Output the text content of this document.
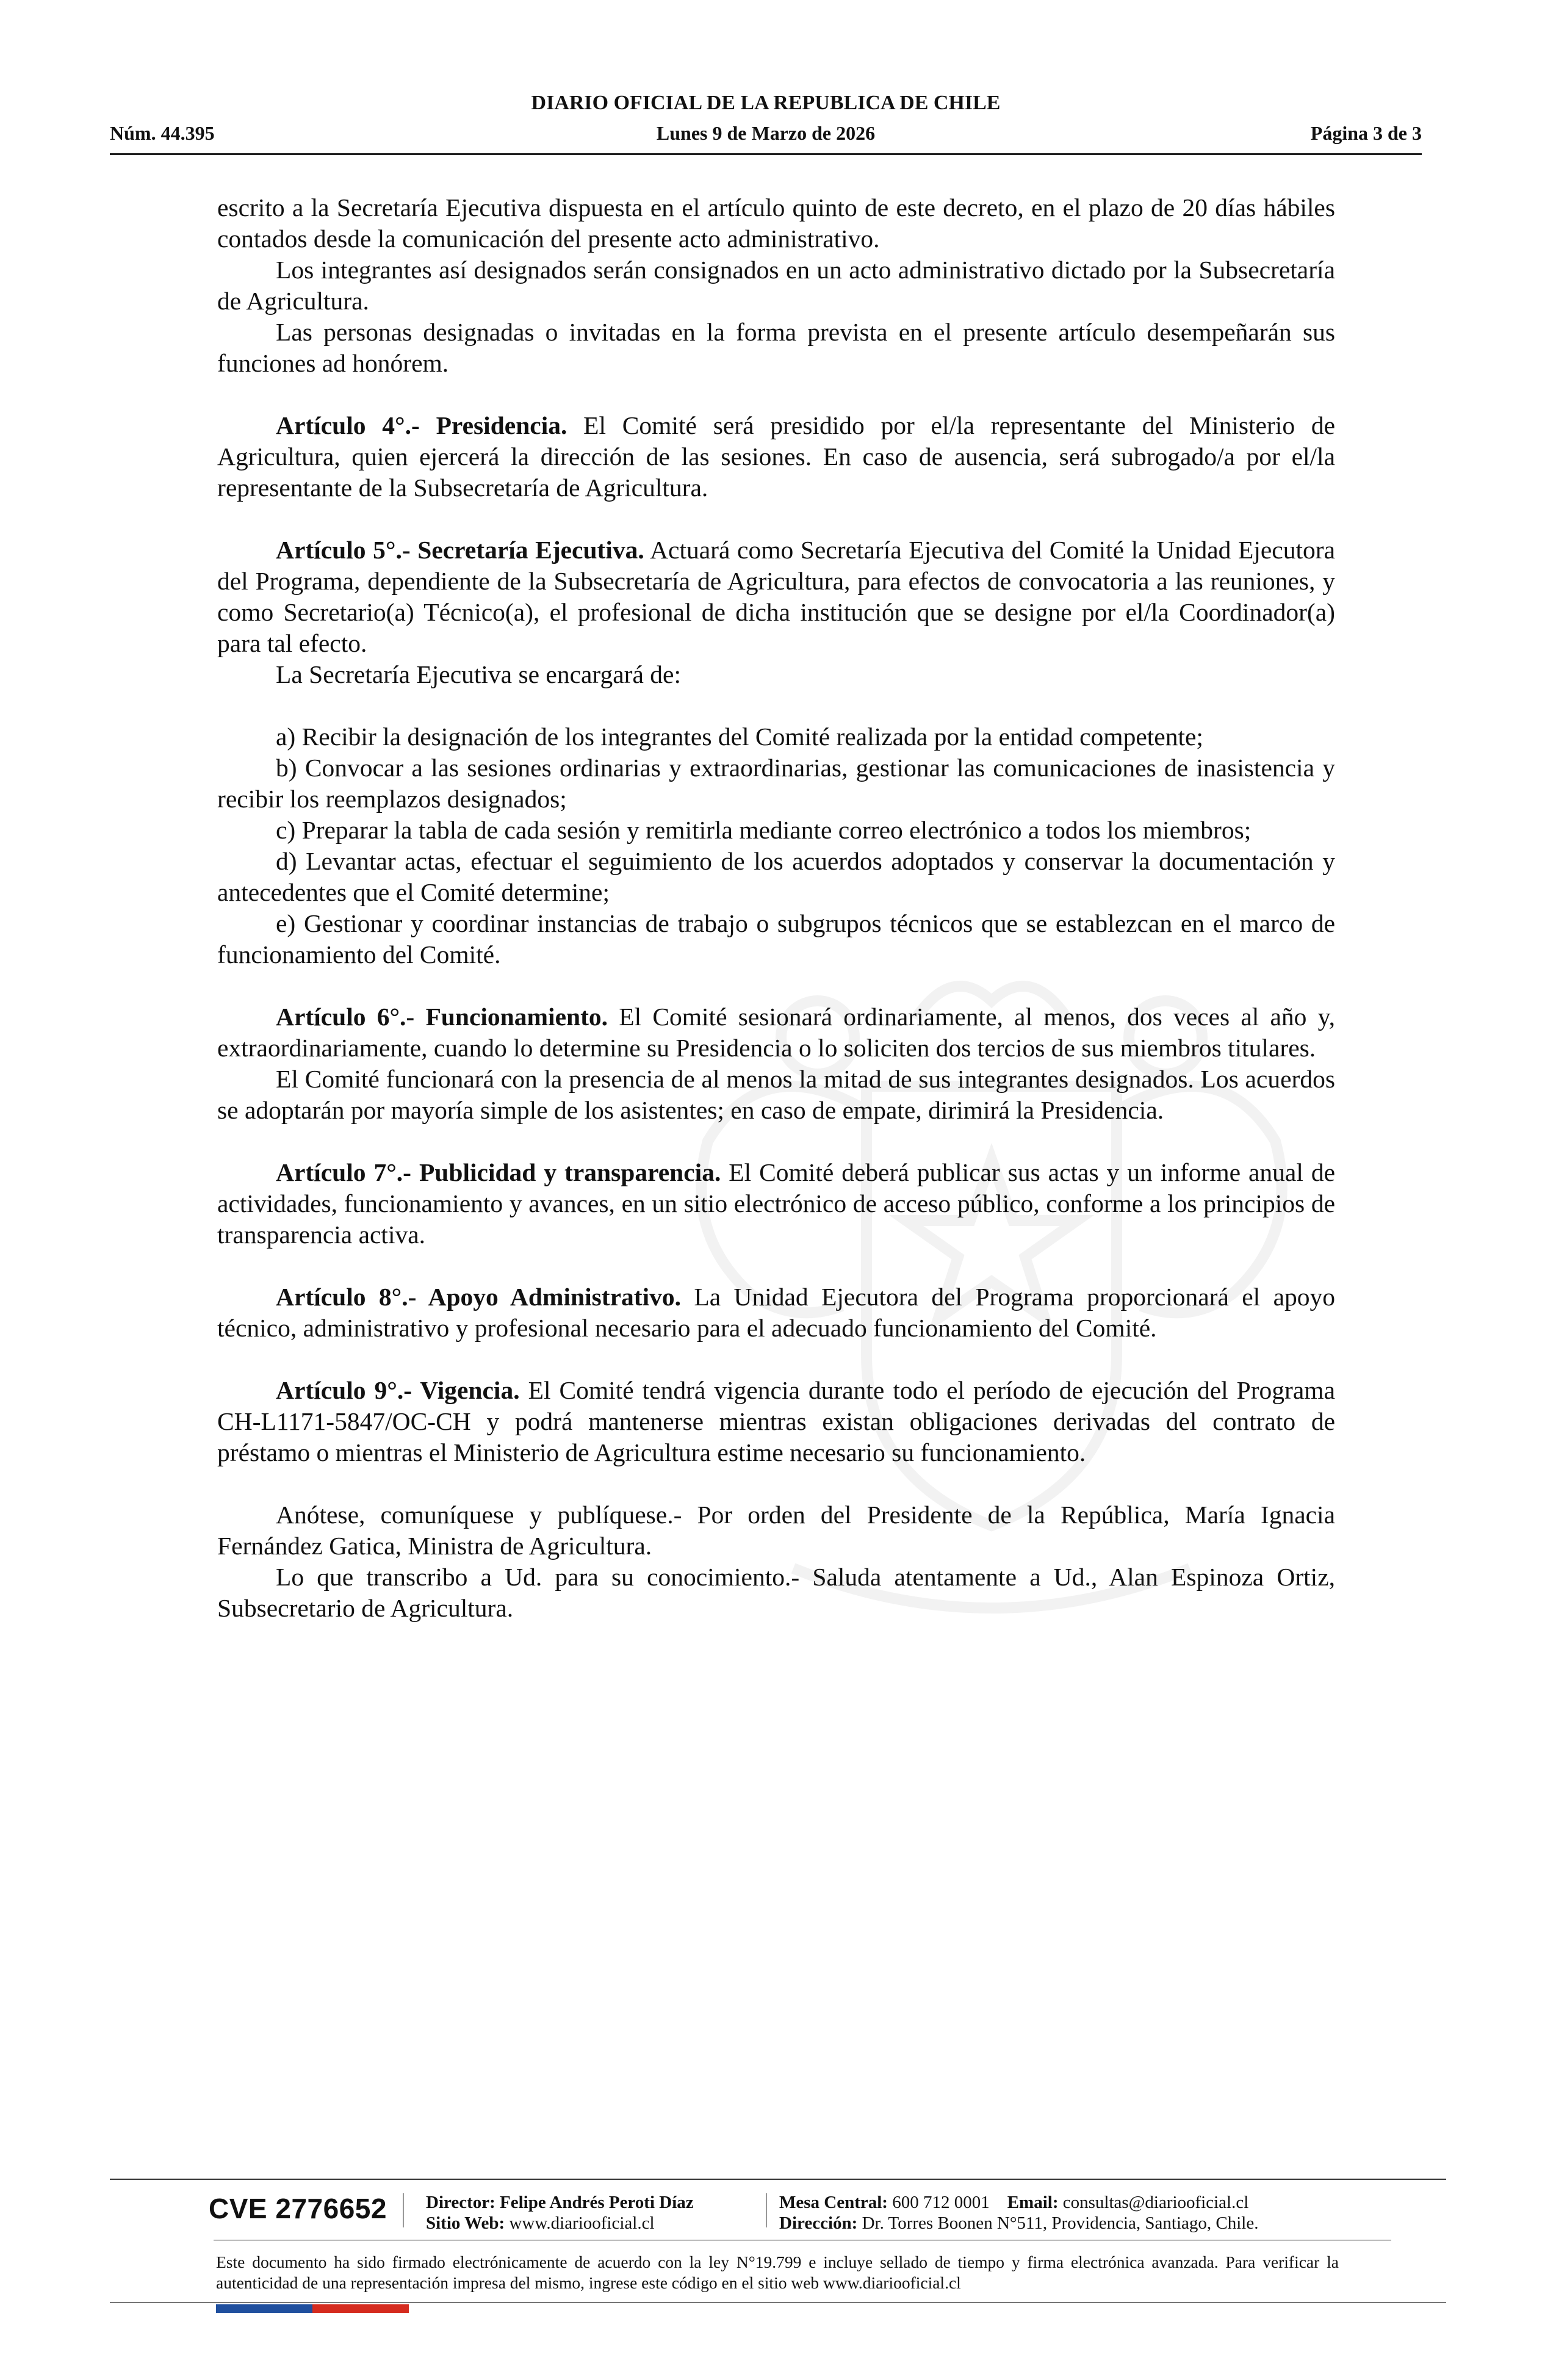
DIARIO OFICIAL DE LA REPUBLICA DE CHILE
Núm. 44.395	Lunes 9 de Marzo de 2026	Página 3 de 3

escrito a la Secretaría Ejecutiva dispuesta en el artículo quinto de este decreto, en el plazo de 20 días hábiles contados desde la comunicación del presente acto administrativo.

Los integrantes así designados serán consignados en un acto administrativo dictado por la Subsecretaría de Agricultura.

Las personas designadas o invitadas en la forma prevista en el presente artículo desempeñarán sus funciones ad honórem.

Artículo 4°.- Presidencia. El Comité será presidido por el/la representante del Ministerio de Agricultura, quien ejercerá la dirección de las sesiones. En caso de ausencia, será subrogado/a por el/la representante de la Subsecretaría de Agricultura.

Artículo 5°.- Secretaría Ejecutiva. Actuará como Secretaría Ejecutiva del Comité la Unidad Ejecutora del Programa, dependiente de la Subsecretaría de Agricultura, para efectos de convocatoria a las reuniones, y como Secretario(a) Técnico(a), el profesional de dicha institución que se designe por el/la Coordinador(a) para tal efecto.

La Secretaría Ejecutiva se encargará de:

a) Recibir la designación de los integrantes del Comité realizada por la entidad competente;

b) Convocar a las sesiones ordinarias y extraordinarias, gestionar las comunicaciones de inasistencia y recibir los reemplazos designados;

c) Preparar la tabla de cada sesión y remitirla mediante correo electrónico a todos los miembros;

d) Levantar actas, efectuar el seguimiento de los acuerdos adoptados y conservar la documentación y antecedentes que el Comité determine;

e) Gestionar y coordinar instancias de trabajo o subgrupos técnicos que se establezcan en el marco de funcionamiento del Comité.

Artículo 6°.- Funcionamiento. El Comité sesionará ordinariamente, al menos, dos veces al año y, extraordinariamente, cuando lo determine su Presidencia o lo soliciten dos tercios de sus miembros titulares.

El Comité funcionará con la presencia de al menos la mitad de sus integrantes designados. Los acuerdos se adoptarán por mayoría simple de los asistentes; en caso de empate, dirimirá la Presidencia.

Artículo 7°.- Publicidad y transparencia. El Comité deberá publicar sus actas y un informe anual de actividades, funcionamiento y avances, en un sitio electrónico de acceso público, conforme a los principios de transparencia activa.

Artículo 8°.- Apoyo Administrativo. La Unidad Ejecutora del Programa proporcionará el apoyo técnico, administrativo y profesional necesario para el adecuado funcionamiento del Comité.

Artículo 9°.- Vigencia. El Comité tendrá vigencia durante todo el período de ejecución del Programa CH-L1171-5847/OC-CH y podrá mantenerse mientras existan obligaciones derivadas del contrato de préstamo o mientras el Ministerio de Agricultura estime necesario su funcionamiento.

Anótese, comuníquese y publíquese.- Por orden del Presidente de la República, María Ignacia Fernández Gatica, Ministra de Agricultura.

Lo que transcribo a Ud. para su conocimiento.- Saluda atentamente a Ud., Alan Espinoza Ortiz, Subsecretario de Agricultura.

CVE 2776652 Director: Felipe Andrés Peroti Díaz
Sitio Web: www.diariooficial.cl
Mesa Central: 600 712 0001 Email: consultas@diariooficial.cl
Dirección: Dr. Torres Boonen N°511, Providencia, Santiago, Chile.
Este documento ha sido firmado electrónicamente de acuerdo con la ley N°19.799 e incluye sellado de tiempo y firma electrónica avanzada. Para verificar la autenticidad de una representación impresa del mismo, ingrese este código en el sitio web www.diariooficial.cl
